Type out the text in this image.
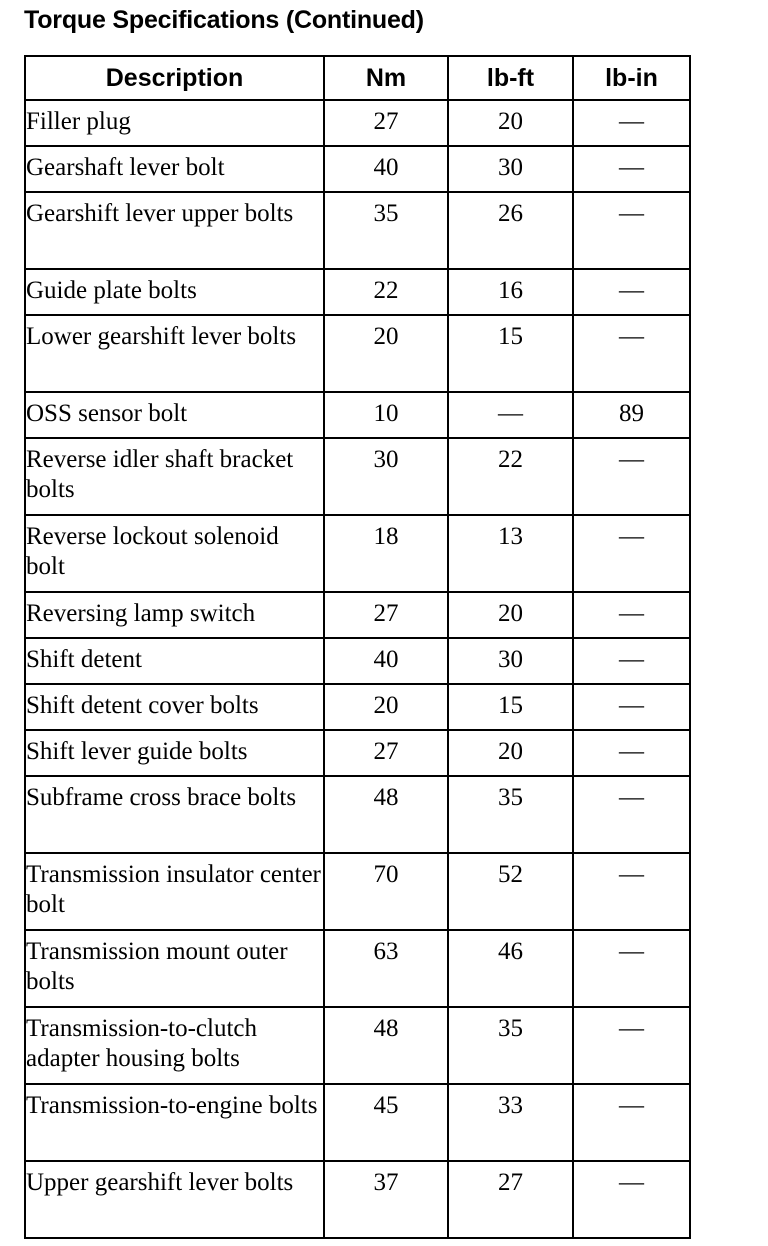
Torque Specifications (Continued)
Description	Nm	lb-ft	lb-in
Filler plug	27	20	—
Gearshaft lever bolt	40	30	—
Gearshift lever upper bolts	35	26	—
Guide plate bolts	22	16	—
Lower gearshift lever bolts	20	15	—
OSS sensor bolt	10	—	89
Reverse idler shaft bracket bolts	30	22	—
Reverse lockout solenoid bolt	18	13	—
Reversing lamp switch	27	20	—
Shift detent	40	30	—
Shift detent cover bolts	20	15	—
Shift lever guide bolts	27	20	—
Subframe cross brace bolts	48	35	—
Transmission insulator center bolt	70	52	—
Transmission mount outer bolts	63	46	—
Transmission-to-clutch adapter housing bolts	48	35	—
Transmission-to-engine bolts	45	33	—
Upper gearshift lever bolts	37	27	—
